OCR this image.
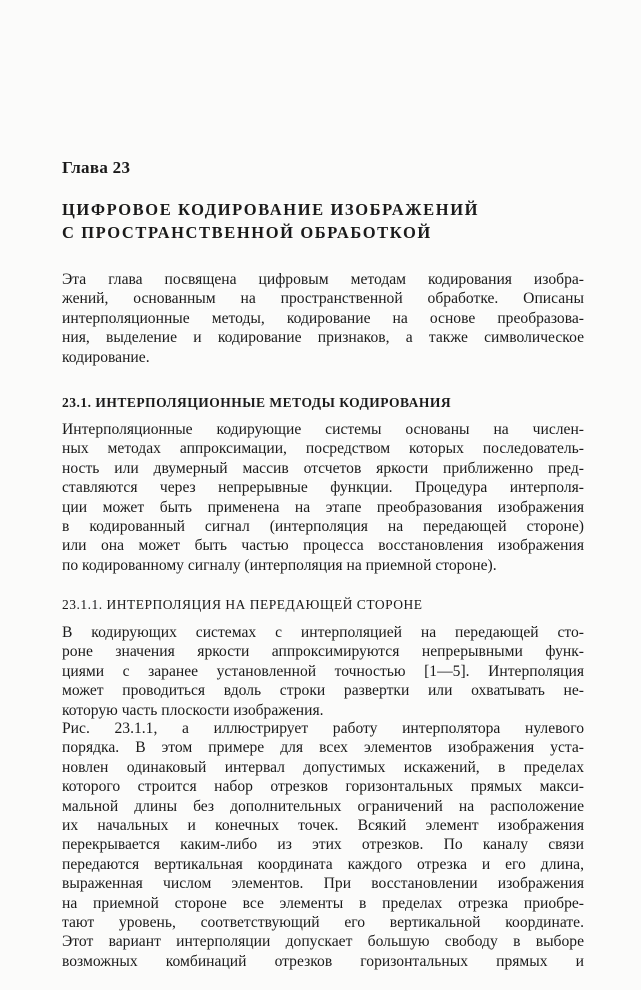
Глава 23
ЦИФРОВОЕ КОДИРОВАНИЕ ИЗОБРАЖЕНИЙ
С ПРОСТРАНСТВЕННОЙ ОБРАБОТКОЙ
Эта глава посвящена цифровым методам кодирования изобра-
жений, основанным на пространственной обработке. Описаны
интерполяционные методы, кодирование на основе преобразова-
ния, выделение и кодирование признаков, а также символическое
кодирование.
23.1. ИНТЕРПОЛЯЦИОННЫЕ МЕТОДЫ КОДИРОВАНИЯ
Интерполяционные кодирующие системы основаны на числен-
ных методах аппроксимации, посредством которых последователь-
ность или двумерный массив отсчетов яркости приближенно пред-
ставляются через непрерывные функции. Процедура интерполя-
ции может быть применена на этапе преобразования изображения
в кодированный сигнал (интерполяция на передающей стороне)
или она может быть частью процесса восстановления изображения
по кодированному сигналу (интерполяция на приемной стороне).
23.1.1. ИНТЕРПОЛЯЦИЯ НА ПЕРЕДАЮЩЕЙ СТОРОНЕ
В кодирующих системах с интерполяцией на передающей сто-
роне значения яркости аппроксимируются непрерывными функ-
циями с заранее установленной точностью [1—5]. Интерполяция
может проводиться вдоль строки развертки или охватывать не-
которую часть плоскости изображения.
Рис. 23.1.1, а иллюстрирует работу интерполятора нулевого
порядка. В этом примере для всех элементов изображения уста-
новлен одинаковый интервал допустимых искажений, в пределах
которого строится набор отрезков горизонтальных прямых макси-
мальной длины без дополнительных ограничений на расположение
их начальных и конечных точек. Всякий элемент изображения
перекрывается каким-либо из этих отрезков. По каналу связи
передаются вертикальная координата каждого отрезка и его длина,
выраженная числом элементов. При восстановлении изображения
на приемной стороне все элементы в пределах отрезка приобре-
тают уровень, соответствующий его вертикальной координате.
Этот вариант интерполяции допускает большую свободу в выборе
возможных комбинаций отрезков горизонтальных прямых и
